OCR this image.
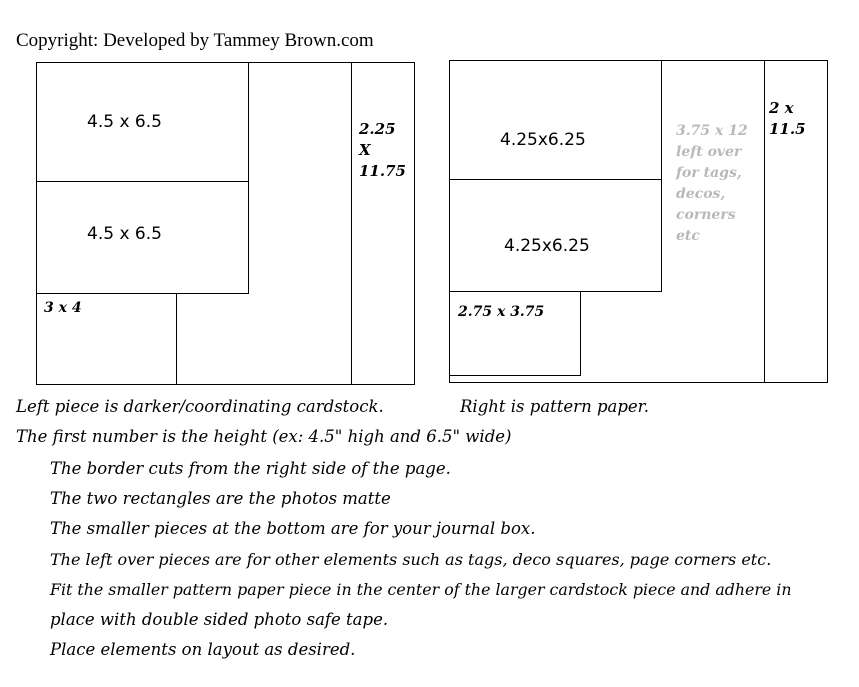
Copyright: Developed by Tammey Brown.com
4.5 x 6.5
4.5 x 6.5
3 x 4
2.25
X
11.75
4.25x6.25
4.25x6.25
2.75 x 3.75
3.75 x 12
left over
for tags,
decos,
corners
etc
2 x
11.5
Left piece is darker/coordinating cardstock.	Right is pattern paper.
The first number is the height (ex: 4.5" high and 6.5" wide)
The border cuts from the right side of the page.
The two rectangles are the photos matte
The smaller pieces at the bottom are for your journal box.
The left over pieces are for other elements such as tags, deco squares, page corners etc.
Fit the smaller pattern paper piece in the center of the larger cardstock piece and adhere in
place with double sided photo safe tape.
Place elements on layout as desired.
